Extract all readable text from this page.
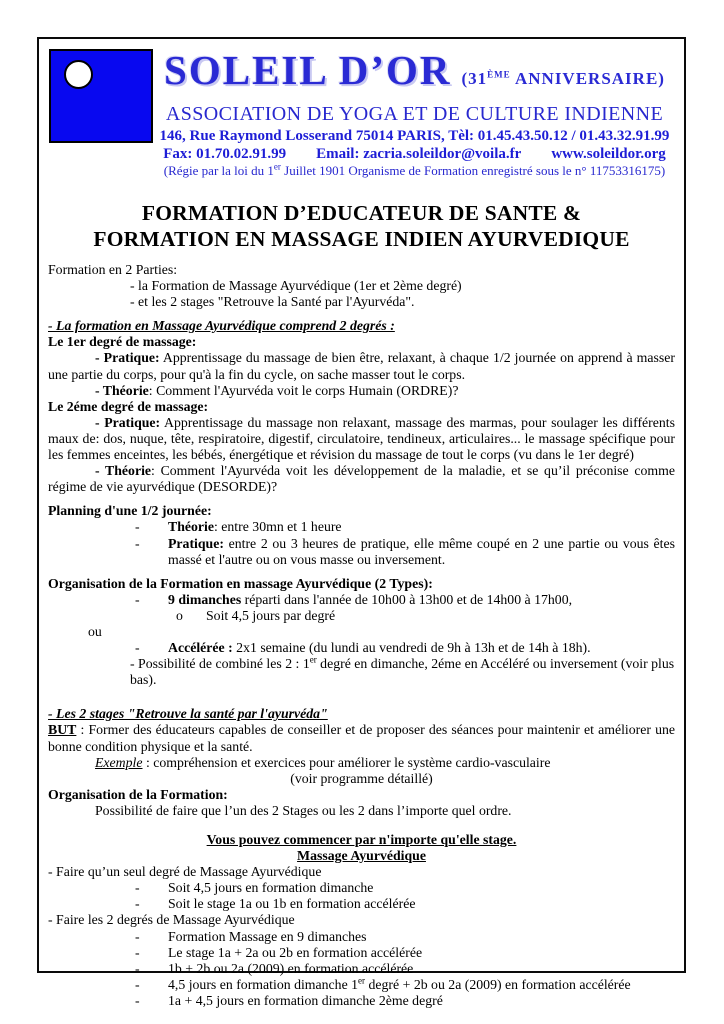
SOLEIL D’OR (31ÈME ANNIVERSAIRE)
ASSOCIATION DE YOGA ET DE CULTURE INDIENNE
146, Rue Raymond Losserand 75014 PARIS, Tèl: 01.45.43.50.12 / 01.43.32.91.99
Fax: 01.70.02.91.99 Email: zacria.soleildor@voila.fr www.soleildor.org
(Régie par la loi du 1er Juillet 1901 Organisme de Formation enregistré sous le n° 11753316175)
FORMATION D’EDUCATEUR DE SANTE &
FORMATION EN MASSAGE INDIEN AYURVEDIQUE
Formation en 2 Parties:
- la Formation de Massage Ayurvédique (1er et 2ème degré)
- et les 2 stages "Retrouve la Santé par l'Ayurvéda".
- La formation en Massage Ayurvédique comprend 2 degrés :
Le 1er degré de massage:
- Pratique: Apprentissage du massage de bien être, relaxant, à chaque 1/2 journée on apprend à masser une partie du corps, pour qu'à la fin du cycle, on sache masser tout le corps.
- Théorie: Comment l'Ayurvéda voit le corps Humain (ORDRE)?
Le 2éme degré de massage:
- Pratique: Apprentissage du massage non relaxant, massage des marmas, pour soulager les différents maux de: dos, nuque, tête, respiratoire, digestif, circulatoire, tendineux, articulaires... le massage spécifique pour les femmes enceintes, les bébés, énergétique et révision du massage de tout le corps (vu dans le 1er degré)
- Théorie: Comment l'Ayurvéda voit les développement de la maladie, et se qu’il préconise comme régime de vie ayurvédique (DESORDE)?
Planning d'une 1/2 journée:
- Théorie: entre 30mn et 1 heure
- Pratique: entre 2 ou 3 heures de pratique, elle même coupé en 2 une partie ou vous êtes massé et l'autre ou on vous masse ou inversement.
Organisation de la Formation en massage Ayurvédique (2 Types):
- 9 dimanches réparti dans l'année de 10h00 à 13h00 et de 14h00 à 17h00,
o Soit 4,5 jours par degré
ou
- Accélérée : 2x1 semaine (du lundi au vendredi de 9h à 13h et de 14h à 18h).
- Possibilité de combiné les 2 : 1er degré en dimanche, 2éme en Accéléré ou inversement (voir plus bas).
- Les 2 stages "Retrouve la santé par l'ayurvéda"
BUT : Former des éducateurs capables de conseiller et de proposer des séances pour maintenir et améliorer une bonne condition physique et la santé.
Exemple : compréhension et exercices pour améliorer le système cardio-vasculaire
(voir programme détaillé)
Organisation de la Formation:
Possibilité de faire que l’un des 2 Stages ou les 2 dans l’importe quel ordre.
Vous pouvez commencer par n'importe qu'elle stage.
Massage Ayurvédique
- Faire qu’un seul degré de Massage Ayurvédique
- Soit 4,5 jours en formation dimanche
- Soit le stage 1a ou 1b en formation accélérée
- Faire les 2 degrés de Massage Ayurvédique
- Formation Massage en 9 dimanches
- Le stage 1a + 2a ou 2b en formation accélérée
- 1b + 2b ou 2a (2009) en formation accélérée
- 4,5 jours en formation dimanche 1er degré + 2b ou 2a (2009) en formation accélérée
- 1a + 4,5 jours en formation dimanche 2ème degré
